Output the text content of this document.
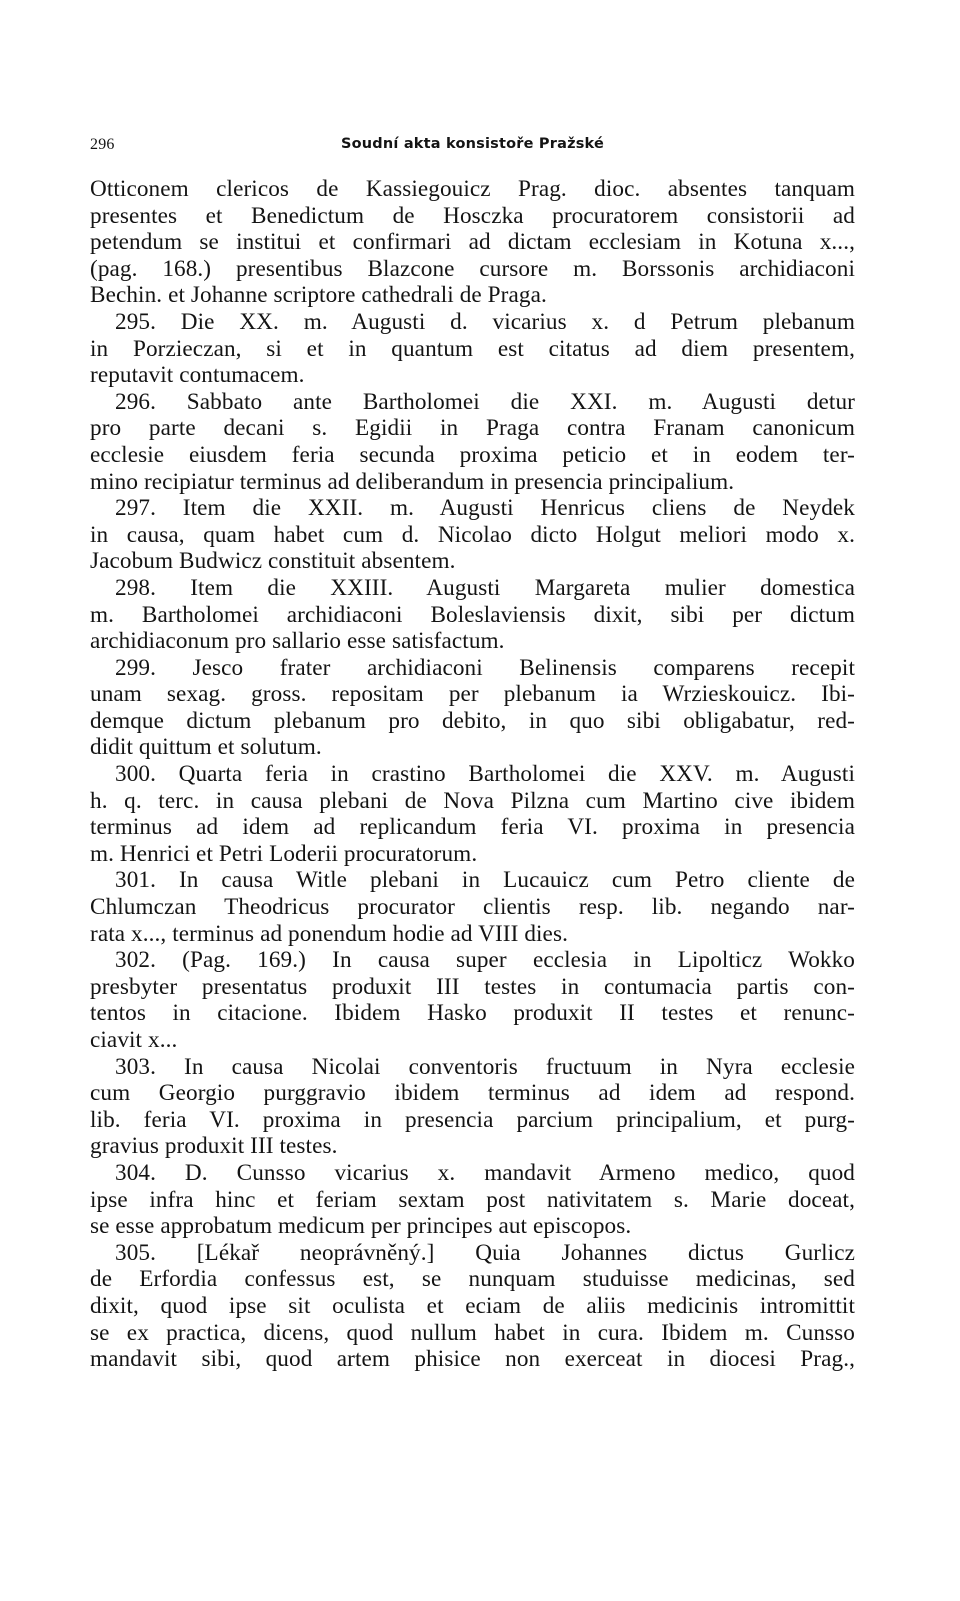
296	Soudní akta konsistoře Pražské
Otticonem clericos de Kassiegouicz Prag. dioc. absentes tanquam
presentes et Benedictum de Hosczka procuratorem consistorii ad
petendum se institui et confirmari ad dictam ecclesiam in Kotuna x...,
(pag. 168.) presentibus Blazcone cursore m. Borssonis archidiaconi
Bechin. et Johanne scriptore cathedrali de Praga.
295. Die XX. m. Augusti d. vicarius x. d Petrum plebanum
in Porzieczan, si et in quantum est citatus ad diem presentem,
reputavit contumacem.
296. Sabbato ante Bartholomei die XXI. m. Augusti detur
pro parte decani s. Egidii in Praga contra Franam canonicum
ecclesie eiusdem feria secunda proxima peticio et in eodem ter-
mino recipiatur terminus ad deliberandum in presencia principalium.
297. Item die XXII. m. Augusti Henricus cliens de Neydek
in causa, quam habet cum d. Nicolao dicto Holgut meliori modo x.
Jacobum Budwicz constituit absentem.
298. Item die XXIII. Augusti Margareta mulier domestica
m. Bartholomei archidiaconi Boleslaviensis dixit, sibi per dictum
archidiaconum pro sallario esse satisfactum.
299. Jesco frater archidiaconi Belinensis comparens recepit
unam sexag. gross. repositam per plebanum ia Wrzieskouicz. Ibi-
demque dictum plebanum pro debito, in quo sibi obligabatur, red-
didit quittum et solutum.
300. Quarta feria in crastino Bartholomei die XXV. m. Augusti
h. q. terc. in causa plebani de Nova Pilzna cum Martino cive ibidem
terminus ad idem ad replicandum feria VI. proxima in presencia
m. Henrici et Petri Loderii procuratorum.
301. In causa Witle plebani in Lucauicz cum Petro cliente de
Chlumczan Theodricus procurator clientis resp. lib. negando nar-
rata x..., terminus ad ponendum hodie ad VIII dies.
302. (Pag. 169.) In causa super ecclesia in Lipolticz Wokko
presbyter presentatus produxit III testes in contumacia partis con-
tentos in citacione. Ibidem Hasko produxit II testes et renunc-
ciavit x...
303. In causa Nicolai conventoris fructuum in Nyra ecclesie
cum Georgio purggravio ibidem terminus ad idem ad respond.
lib. feria VI. proxima in presencia parcium principalium, et purg-
gravius produxit III testes.
304. D. Cunsso vicarius x. mandavit Armeno medico, quod
ipse infra hinc et feriam sextam post nativitatem s. Marie doceat,
se esse approbatum medicum per principes aut episcopos.
305. [Lékař neoprávněný.] Quia Johannes dictus Gurlicz
de Erfordia confessus est, se nunquam studuisse medicinas, sed
dixit, quod ipse sit oculista et eciam de aliis medicinis intromittit
se ex practica, dicens, quod nullum habet in cura. Ibidem m. Cunsso
mandavit sibi, quod artem phisice non exerceat in diocesi Prag.,
